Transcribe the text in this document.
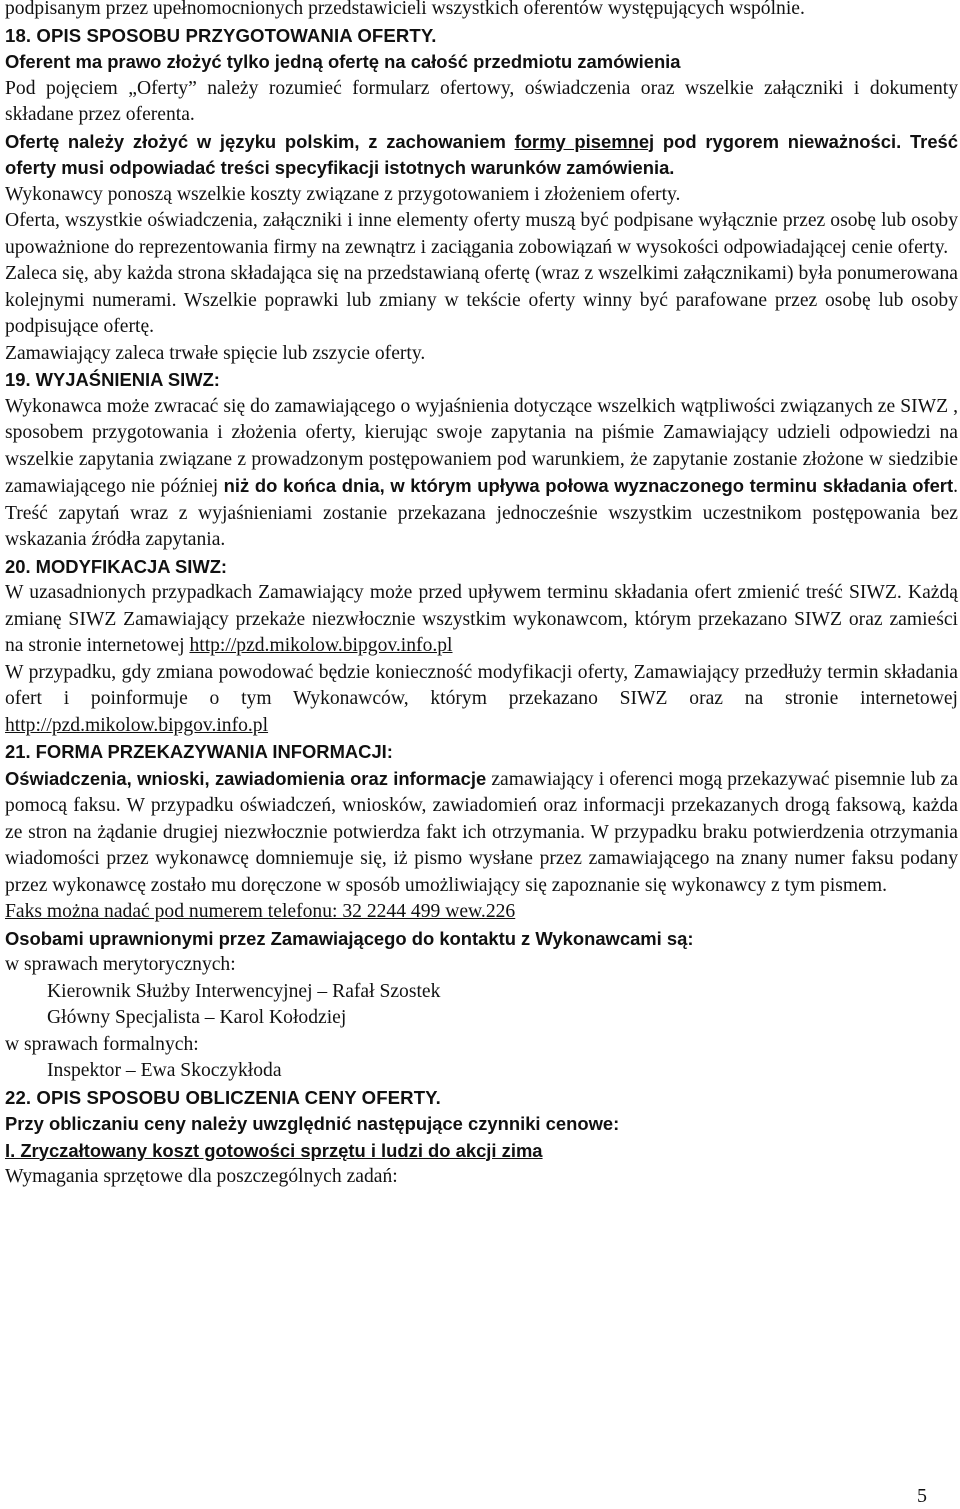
podpisanym przez upełnomocnionych przedstawicieli wszystkich oferentów występujących wspólnie.

18. OPIS SPOSOBU PRZYGOTOWANIA OFERTY.

Oferent ma prawo złożyć tylko jedną ofertę na całość przedmiotu zamówienia

Pod pojęciem „Oferty” należy rozumieć formularz ofertowy, oświadczenia oraz wszelkie załączniki i dokumenty składane przez oferenta.

Ofertę należy złożyć w języku polskim, z zachowaniem formy pisemnej pod rygorem nieważności. Treść oferty musi odpowiadać treści specyfikacji istotnych warunków zamówienia.

Wykonawcy ponoszą wszelkie koszty związane z przygotowaniem i złożeniem oferty.

Oferta, wszystkie oświadczenia, załączniki i inne elementy oferty muszą być podpisane wyłącznie przez osobę lub osoby upoważnione do reprezentowania firmy na zewnątrz i zaciągania zobowiązań w wysokości odpowiadającej cenie oferty.

Zaleca się, aby każda strona składająca się na przedstawianą ofertę (wraz z wszelkimi załącznikami) była ponumerowana kolejnymi numerami. Wszelkie poprawki lub zmiany w tekście oferty winny być parafowane przez osobę lub osoby podpisujące ofertę.

Zamawiający zaleca trwałe spięcie lub zszycie oferty.

19. WYJAŚNIENIA SIWZ:

Wykonawca może zwracać się do zamawiającego o wyjaśnienia dotyczące wszelkich wątpliwości związanych ze SIWZ , sposobem przygotowania i złożenia oferty, kierując swoje zapytania na piśmie Zamawiający udzieli odpowiedzi na wszelkie zapytania związane z prowadzonym postępowaniem pod warunkiem, że zapytanie zostanie złożone w siedzibie zamawiającego nie później niż do końca dnia, w którym upływa połowa wyznaczonego terminu składania ofert. Treść zapytań wraz z wyjaśnieniami zostanie przekazana jednocześnie wszystkim uczestnikom postępowania bez wskazania źródła zapytania.

20. MODYFIKACJA SIWZ:

W uzasadnionych przypadkach Zamawiający może przed upływem terminu składania ofert zmienić treść SIWZ. Każdą zmianę SIWZ Zamawiający przekaże niezwłocznie wszystkim wykonawcom, którym przekazano SIWZ oraz zamieści na stronie internetowej http://pzd.mikolow.bipgov.info.pl

W przypadku, gdy zmiana powodować będzie konieczność modyfikacji oferty, Zamawiający przedłuży termin składania ofert i poinformuje o tym Wykonawców, którym przekazano SIWZ oraz na stronie internetowej http://pzd.mikolow.bipgov.info.pl

21. FORMA PRZEKAZYWANIA INFORMACJI:

Oświadczenia, wnioski, zawiadomienia oraz informacje zamawiający i oferenci mogą przekazywać pisemnie lub za pomocą faksu. W przypadku oświadczeń, wniosków, zawiadomień oraz informacji przekazanych drogą faksową, każda ze stron na żądanie drugiej niezwłocznie potwierdza fakt ich otrzymania. W przypadku braku potwierdzenia otrzymania wiadomości przez wykonawcę domniemuje się, iż pismo wysłane przez zamawiającego na znany numer faksu podany przez wykonawcę zostało mu doręczone w sposób umożliwiający się zapoznanie się wykonawcy z tym pismem.

Faks można nadać pod numerem telefonu: 32 2244 499 wew.226

Osobami uprawnionymi przez Zamawiającego do kontaktu z Wykonawcami są:

w sprawach merytorycznych:

Kierownik Służby Interwencyjnej – Rafał Szostek

Główny Specjalista – Karol Kołodziej

w sprawach formalnych:

Inspektor – Ewa Skoczykłoda

22. OPIS SPOSOBU OBLICZENIA CENY OFERTY.

Przy obliczaniu ceny należy uwzględnić następujące czynniki cenowe:

I. Zryczałtowany koszt gotowości sprzętu i ludzi do akcji zima

Wymagania sprzętowe dla poszczególnych zadań:

5
